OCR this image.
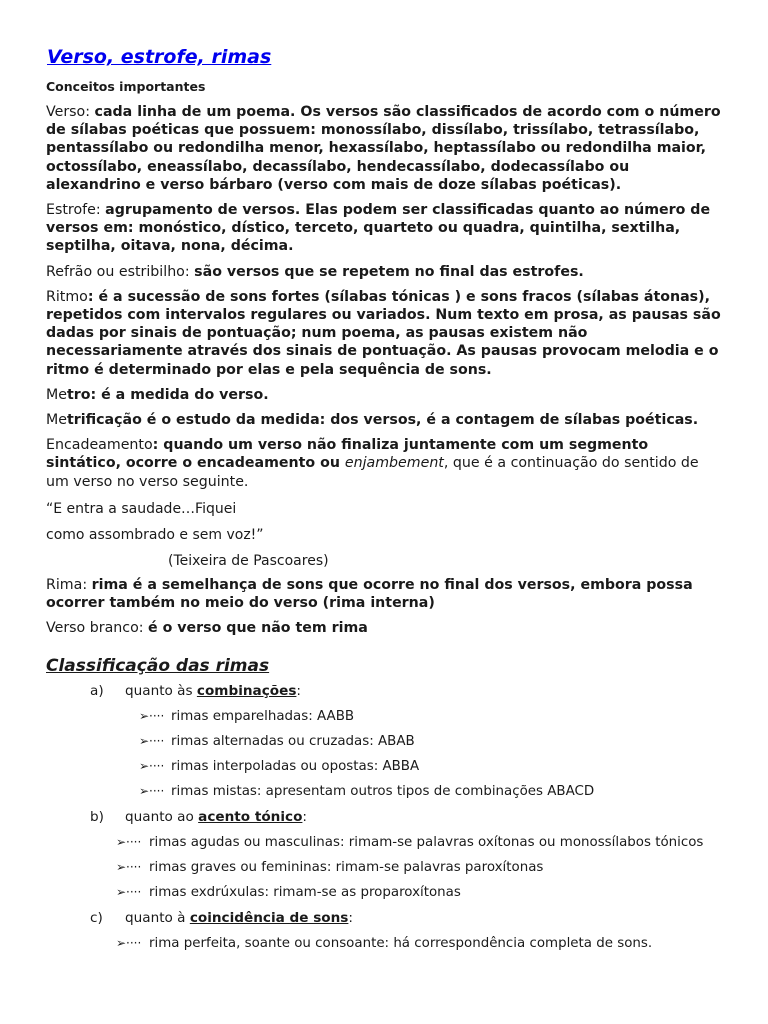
Verso, estrofe, rimas
Conceitos importantes

Verso: cada linha de um poema. Os versos são classificados de acordo com o número de sílabas poéticas que possuem: monossílabo, dissílabo, trissílabo, tetrassílabo, pentassílabo ou redondilha menor, hexassílabo, heptassílabo ou redondilha maior, octossílabo, eneassílabo, decassílabo, hendecassílabo, dodecassílabo ou alexandrino e verso bárbaro (verso com mais de doze sílabas poéticas).

Estrofe: agrupamento de versos. Elas podem ser classificadas quanto ao número de versos em: monóstico, dístico, terceto, quarteto ou quadra, quintilha, sextilha, septilha, oitava, nona, décima.

Refrão ou estribilho: são versos que se repetem no final das estrofes.

Ritmo: é a sucessão de sons fortes (sílabas tónicas ) e sons fracos (sílabas átonas), repetidos com intervalos regulares ou variados. Num texto em prosa, as pausas são dadas por sinais de pontuação; num poema, as pausas existem não necessariamente através dos sinais de pontuação. As pausas provocam melodia e o ritmo é determinado por elas e pela sequência de sons.

Metro: é a medida do verso.

Metrificação é o estudo da medida: dos versos, é a contagem de sílabas poéticas.

Encadeamento: quando um verso não finaliza juntamente com um segmento sintático, ocorre o encadeamento ou enjambement, que é a continuação do sentido de um verso no verso seguinte.

“E entra a saudade…Fiquei
como assombrado e sem voz!”
(Teixeira de Pascoares)

Rima: rima é a semelhança de sons que ocorre no final dos versos, embora possa ocorrer também no meio do verso (rima interna)

Verso branco: é o verso que não tem rima

Classificação das rimas
a)	quanto às combinações:
➢···· rimas emparelhadas: AABB
➢···· rimas alternadas ou cruzadas: ABAB
➢···· rimas interpoladas ou opostas: ABBA
➢···· rimas mistas: apresentam outros tipos de combinações ABACD
b)	quanto ao acento tónico:
➢···· rimas agudas ou masculinas: rimam-se palavras oxítonas ou monossílabos tónicos
➢···· rimas graves ou femininas: rimam-se palavras paroxítonas
➢···· rimas exdrúxulas: rimam-se as proparoxítonas
c)	quanto à coincidência de sons:
➢···· rima perfeita, soante ou consoante: há correspondência completa de sons.
